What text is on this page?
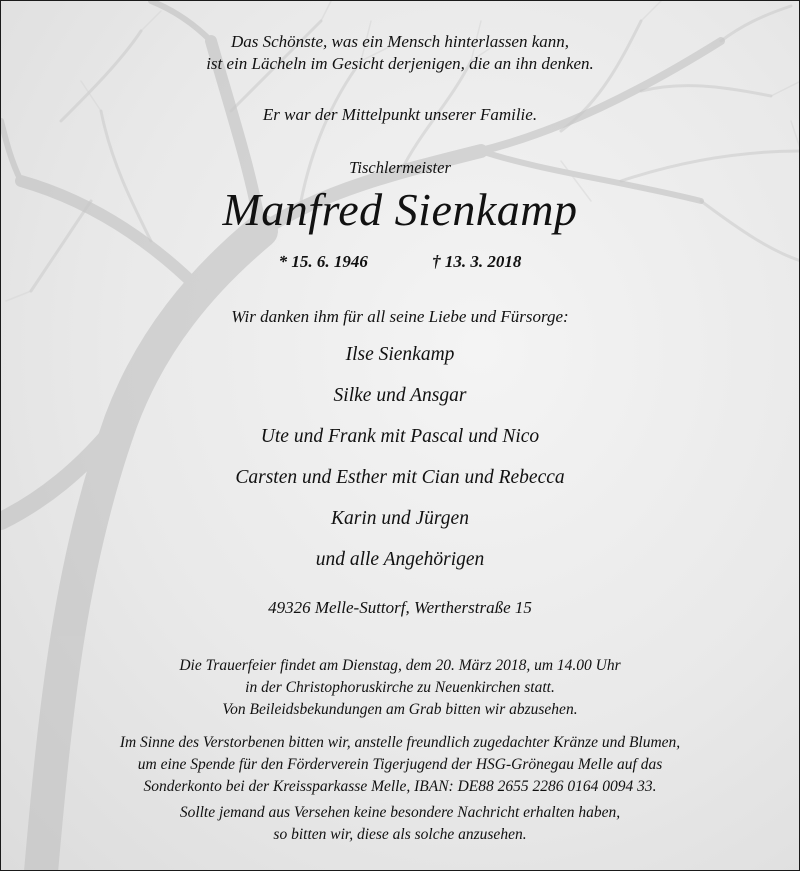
Das Schönste, was ein Mensch hinterlassen kann,
ist ein Lächeln im Gesicht derjenigen, die an ihn denken.
Er war der Mittelpunkt unserer Familie.
Tischlermeister
Manfred Sienkamp
* 15. 6. 1946	† 13. 3. 2018
Wir danken ihm für all seine Liebe und Fürsorge:
Ilse Sienkamp
Silke und Ansgar
Ute und Frank mit Pascal und Nico
Carsten und Esther mit Cian und Rebecca
Karin und Jürgen
und alle Angehörigen
49326 Melle-Suttorf, Wertherstraße 15
Die Trauerfeier findet am Dienstag, dem 20. März 2018, um 14.00 Uhr
in der Christophoruskirche zu Neuenkirchen statt.
Von Beileidsbekundungen am Grab bitten wir abzusehen.
Im Sinne des Verstorbenen bitten wir, anstelle freundlich zugedachter Kränze und Blumen,
um eine Spende für den Förderverein Tigerjugend der HSG-Grönegau Melle auf das
Sonderkonto bei der Kreissparkasse Melle, IBAN: DE88 2655 2286 0164 0094 33.
Sollte jemand aus Versehen keine besondere Nachricht erhalten haben,
so bitten wir, diese als solche anzusehen.
